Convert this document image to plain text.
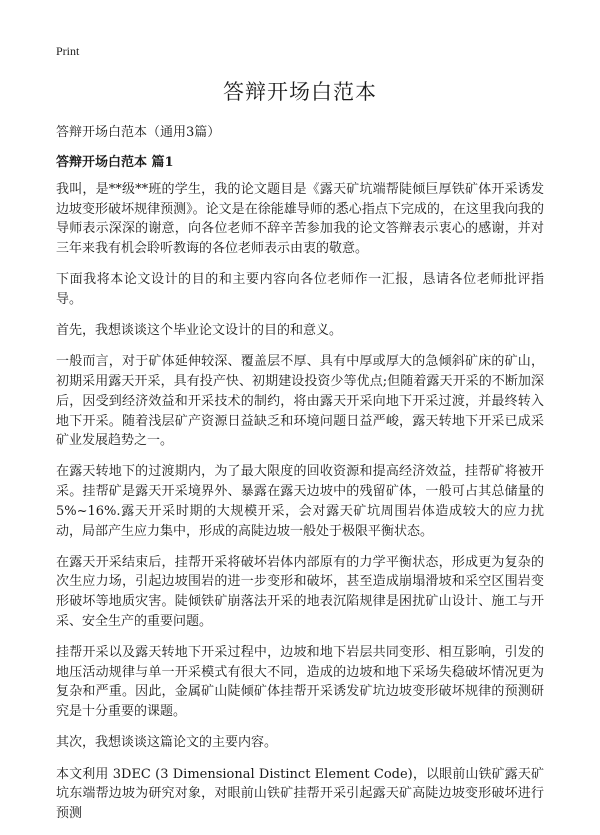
Print
答辩开场白范本
答辩开场白范本（通用3篇）
答辩开场白范本 篇1

我叫，是**级**班的学生，我的论文题目是《露天矿坑端帮陡倾巨厚铁矿体开采诱发边坡变形破坏规律预测》。论文是在徐能雄导师的悉心指点下完成的，在这里我向我的导师表示深深的谢意，向各位老师不辞辛苦参加我的论文答辩表示衷心的感谢，并对三年来我有机会聆听教诲的各位老师表示由衷的敬意。

下面我将本论文设计的目的和主要内容向各位老师作一汇报，恳请各位老师批评指导。

首先，我想谈谈这个毕业论文设计的目的和意义。

一般而言，对于矿体延伸较深、覆盖层不厚、具有中厚或厚大的急倾斜矿床的矿山，初期采用露天开采，具有投产快、初期建设投资少等优点;但随着露天开采的不断加深后，因受到经济效益和开采技术的制约，将由露天开采向地下开采过渡，并最终转入地下开采。随着浅层矿产资源日益缺乏和环境问题日益严峻，露天转地下开采已成采矿业发展趋势之一。

在露天转地下的过渡期内，为了最大限度的回收资源和提高经济效益，挂帮矿将被开采。挂帮矿是露天开采境界外、暴露在露天边坡中的残留矿体，一般可占其总储量的5%~16%.露天开采时期的大规模开采，会对露天矿坑周围岩体造成较大的应力扰动，局部产生应力集中，形成的高陡边坡一般处于极限平衡状态。

在露天开采结束后，挂帮开采将破坏岩体内部原有的力学平衡状态，形成更为复杂的次生应力场，引起边坡围岩的进一步变形和破坏，甚至造成崩塌滑坡和采空区围岩变形破坏等地质灾害。陡倾铁矿崩落法开采的地表沉陷规律是困扰矿山设计、施工与开采、安全生产的重要问题。

挂帮开采以及露天转地下开采过程中，边坡和地下岩层共同变形、相互影响，引发的地压活动规律与单一开采模式有很大不同，造成的边坡和地下采场失稳破坏情况更为复杂和严重。因此，金属矿山陡倾矿体挂帮开采诱发矿坑边坡变形破坏规律的预测研究是十分重要的课题。

其次，我想谈谈这篇论文的主要内容。

本文利用 3DEC (3 Dimensional Distinct Element Code)，以眼前山铁矿露天矿坑东端帮边坡为研究对象，对眼前山铁矿挂帮开采引起露天矿高陡边坡变形破坏进行预测
